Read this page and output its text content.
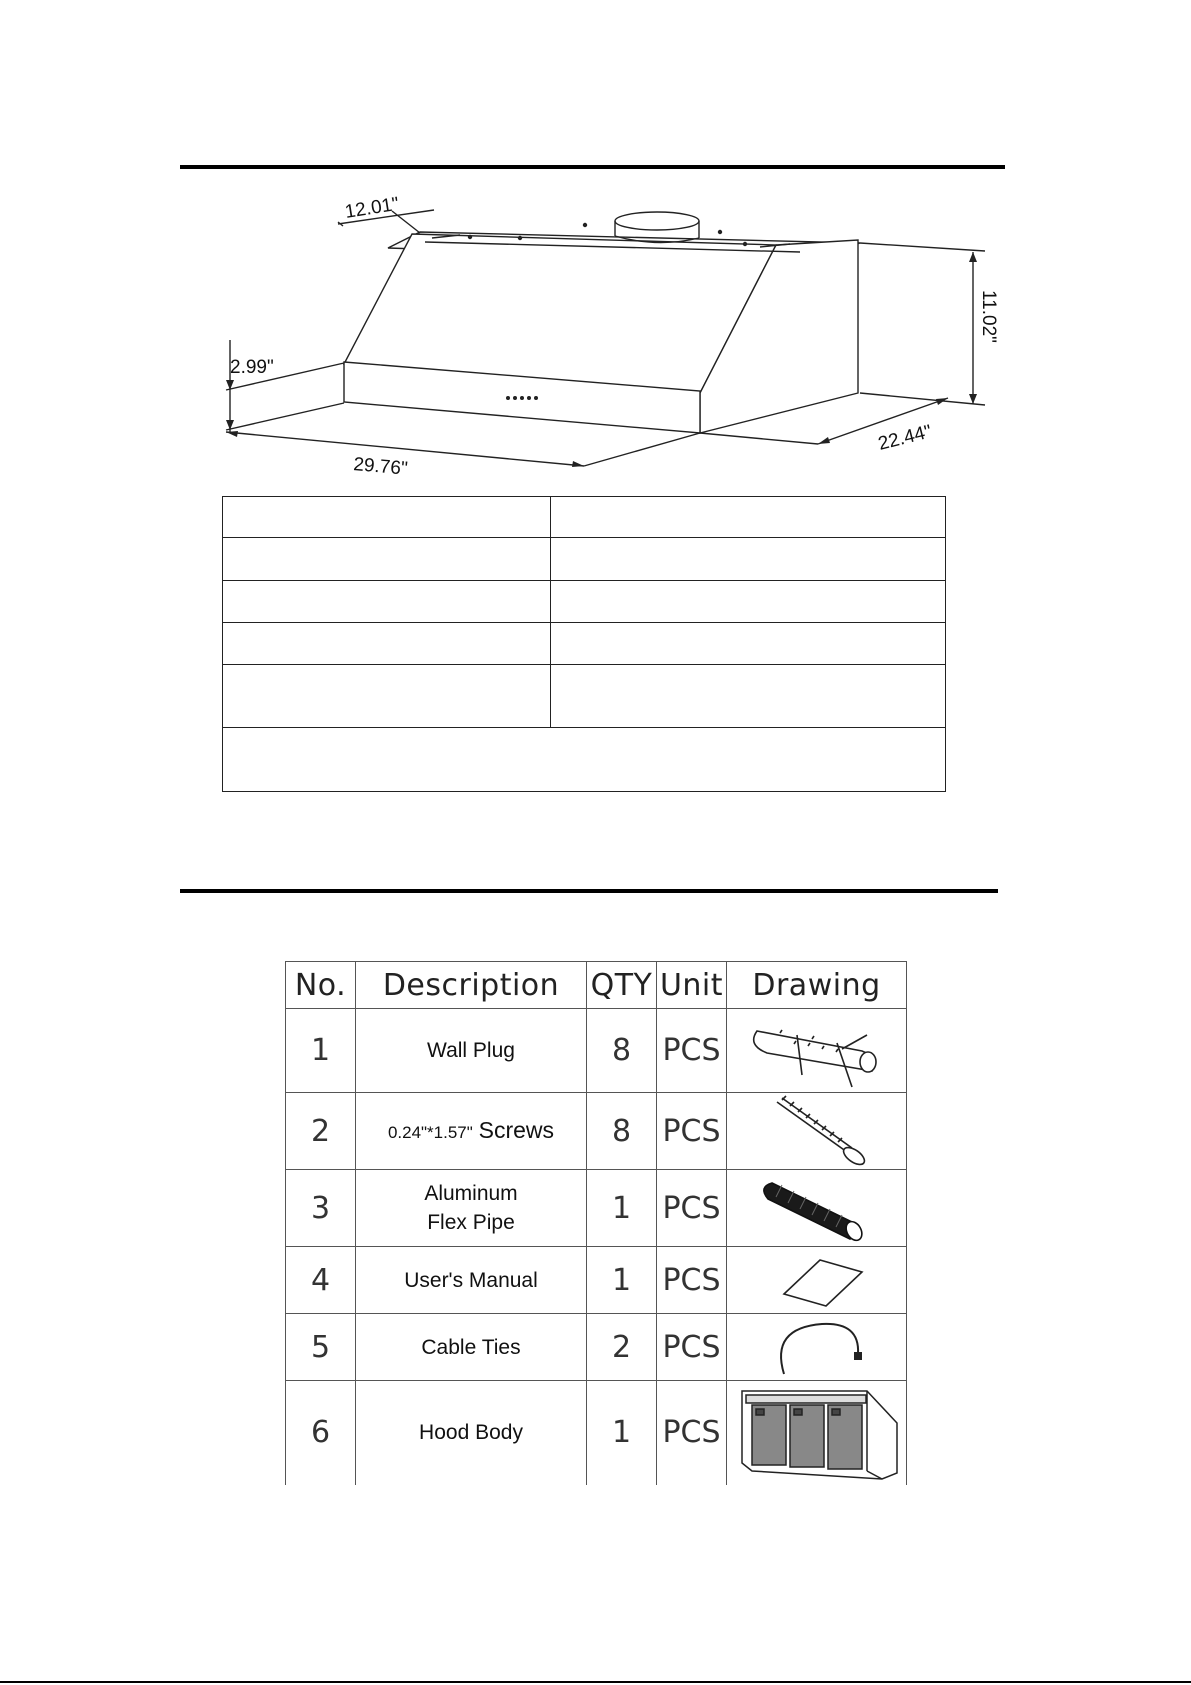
12.01"
2.99"
29.76"
22.44"
11.02"

No.	Description	QTY	Unit	Drawing
1	Wall Plug	8	PCS	

2	0.24"*1.57" Screws	8	PCS	

3	Aluminum
Flex Pipe	1	PCS	

4	User's Manual	1	PCS	

5	Cable Ties	2	PCS	

6	Hood Body	1	PCS	
